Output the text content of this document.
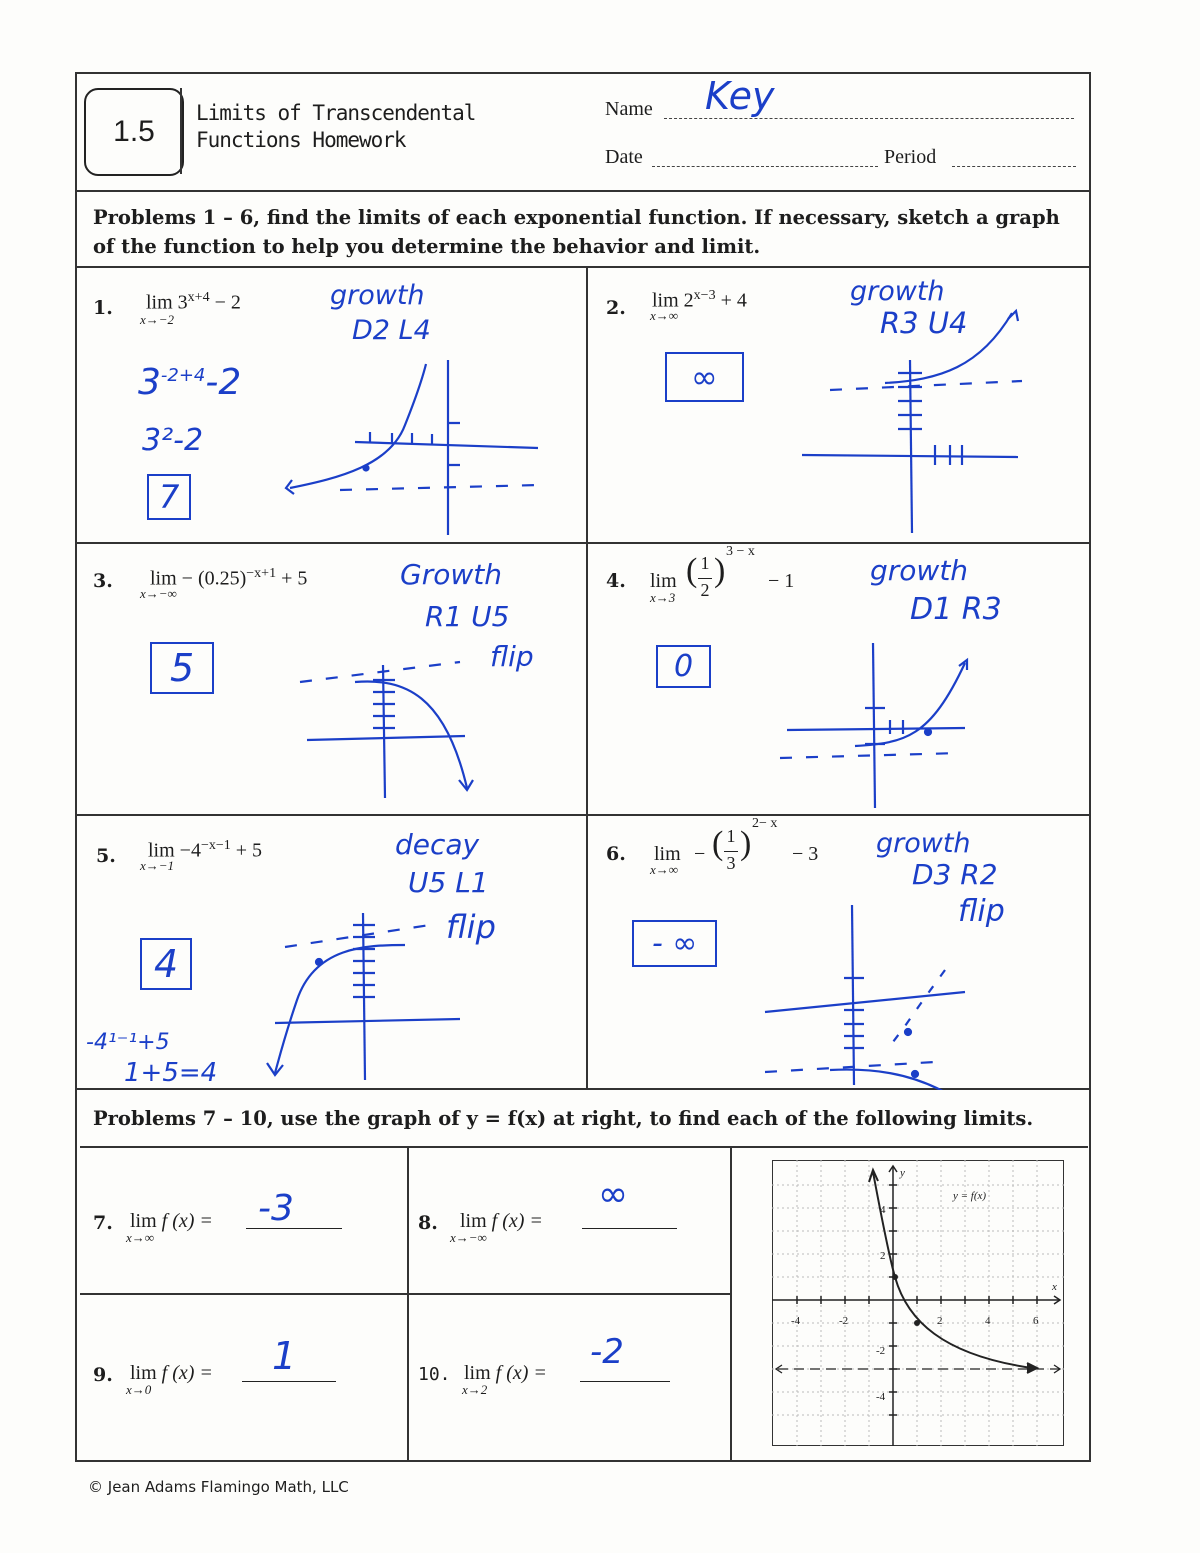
1.5
Limits of Transcendental
Functions Homework
Name Key
Date	Period
Problems 1 – 6, find the limits of each exponential function. If necessary, sketch a graph of the function to help you determine the behavior and limit.
1. $\lim 3^{x+4} - 2$
x→−2
growth
D2 L4
$3^{-2+4}-2$
3²-2
7
2. $\lim 2^{x-3} + 4$
x→∞
growth
R3 U4
∞
3. $\lim - (0.25)^{-x+1} + 5$
x→−∞
Growth
R1 U5
flip
5
4. lim
x→3
( 1
2
)
3 − x
− 1	growth
D1 R3
0
5. $\lim -4^{-x-1} + 5$
x→−1
decay
U5 L1
flip
4
-4¹⁻¹+5
1+5=4
6. lim
x→∞
− ( 1
3
)
2− x
− 3 growth
D3 R2
flip
- ∞
Problems 7 – 10, use the graph of y = f(x) at right, to find each of the following limits.
7. lim f (x) =
x→∞
-3	8. lim f (x) =
x→−∞
∞
9. lim f (x) =
x→0
1	10. lim f (x) =
x→2
-2
y = f(x)
x
y
-4	-2	2	4	6
4
2
-2
-4
© Jean Adams Flamingo Math, LLC
